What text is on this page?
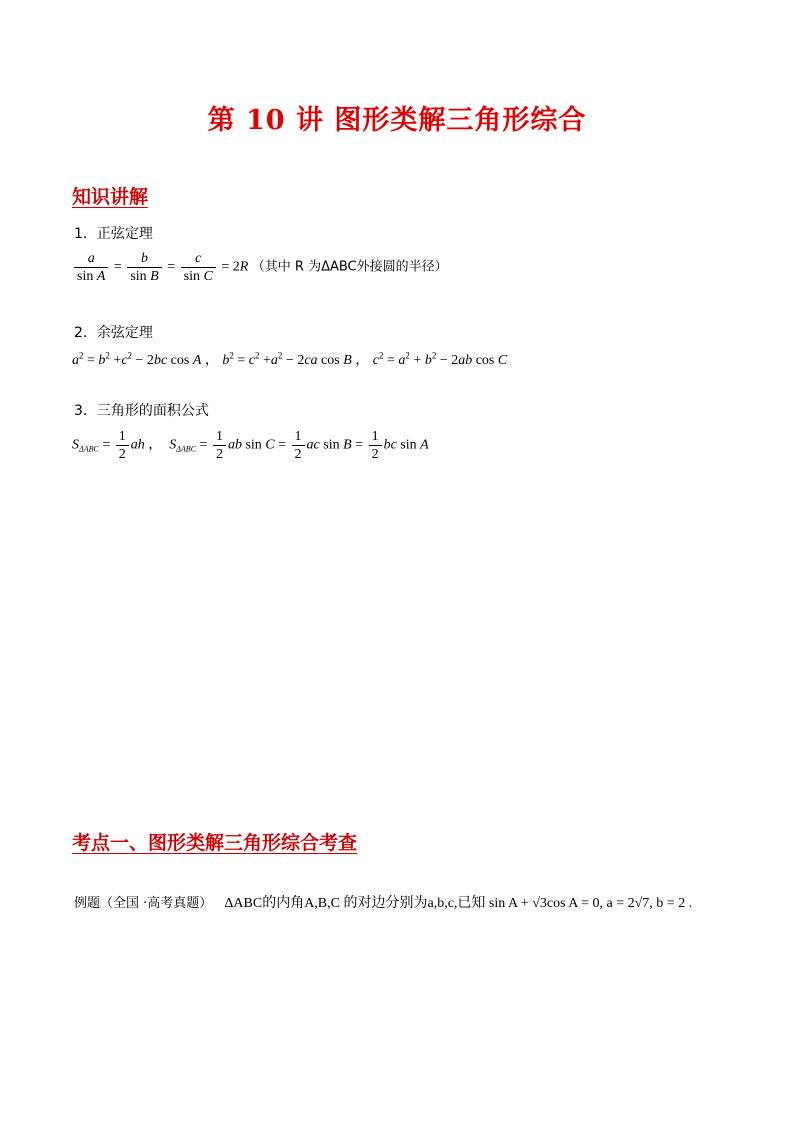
第 10 讲 图形类解三角形综合
知识讲解
1．正弦定理
$\frac{a}{\text{sin A}} = \frac{b}{\text{sin B}} = \frac{c}{\text{sin C}} = 2R$ （其中 R 为ΔABC外接圆的半径）
2．余弦定理
$a^2 = b^2 +c^2 - 2bc$ cos A ， $b^2 = c^2 +a^2 - 2ca$ cos B ， $c^2 = a^2 + b^2 - 2ab$ cos C
3．三角形的面积公式
$S_{\Delta ABC} = \frac{1}{2}$ ah ，  $S_{\Delta ABC} = \frac{1}{2}$ ab $\sin C = \frac{1}{2}$ ac $\sin B = \frac{1}{2}$ bc sin A
考点一、图形类解三角形综合考查
例题（全国 ·高考真题） ΔABC的内角A,B,C 的对边分别为a,b,c,已知 sin A + √3cos A = 0, a = 2√7, b = 2 .
